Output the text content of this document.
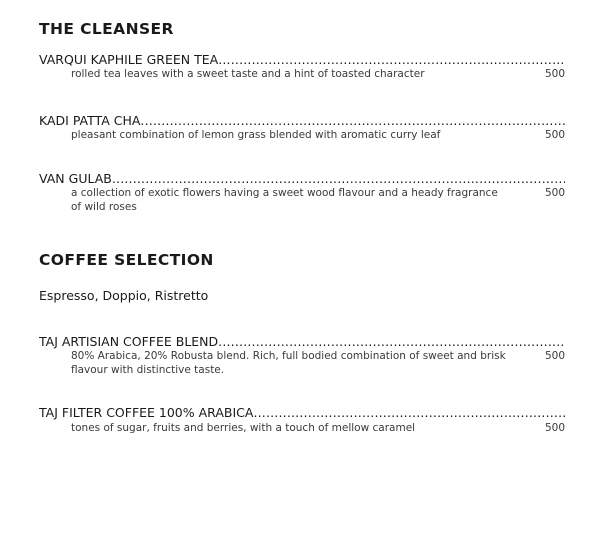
THE CLEANSER
VARQUI KAPHILE GREEN TEA
.....
rolled tea leaves with a sweet taste and a hint of toasted character	500
KADI PATTA CHA
.....
pleasant combination of lemon grass blended with aromatic curry leaf	500
VAN GULAB
.....
a collection of exotic flowers having a sweet wood flavour and a heady fragrance of wild roses
500
COFFEE SELECTION
Espresso, Doppio, Ristretto
TAJ ARTISIAN COFFEE BLEND
.....
80% Arabica, 20% Robusta blend. Rich, full bodied combination of sweet and brisk flavour with distinctive taste.
500
TAJ FILTER COFFEE 100% ARABICA
.....
tones of sugar, fruits and berries, with a touch of mellow caramel	500
